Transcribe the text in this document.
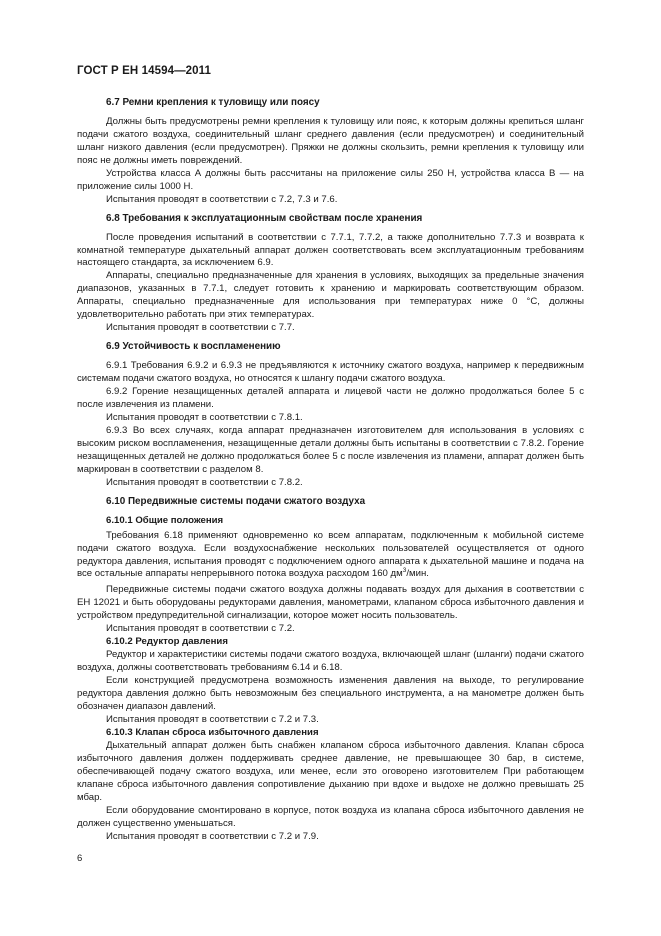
ГОСТ Р ЕН 14594—2011

6.7 Ремни крепления к туловищу или поясу

Должны быть предусмотрены ремни крепления к туловищу или пояс, к которым должны крепиться шланг подачи сжатого воздуха, соединительный шланг среднего давления (если предусмотрен) и соединительный шланг низкого давления (если предусмотрен). Пряжки не должны скользить, ремни крепления к туловищу или пояс не должны иметь повреждений.

Устройства класса А должны быть рассчитаны на приложение силы 250 Н, устройства класса В — на приложение силы 1000 Н.

Испытания проводят в соответствии с 7.2, 7.3 и 7.6.

6.8 Требования к эксплуатационным свойствам после хранения

После проведения испытаний в соответствии с 7.7.1, 7.7.2, а также дополнительно 7.7.3 и возврата к комнатной температуре дыхательный аппарат должен соответствовать всем эксплуатационным требованиям настоящего стандарта, за исключением 6.9.

Аппараты, специально предназначенные для хранения в условиях, выходящих за предельные значения диапазонов, указанных в 7.7.1, следует готовить к хранению и маркировать соответствующим образом. Аппараты, специально предназначенные для использования при температурах ниже 0 °С, должны удовлетворительно работать при этих температурах.

Испытания проводят в соответствии с 7.7.

6.9 Устойчивость к воспламенению

6.9.1 Требования 6.9.2 и 6.9.3 не предъявляются к источнику сжатого воздуха, например к передвижным системам подачи сжатого воздуха, но относятся к шлангу подачи сжатого воздуха.

6.9.2 Горение незащищенных деталей аппарата и лицевой части не должно продолжаться более 5 с после извлечения из пламени.

Испытания проводят в соответствии с 7.8.1.

6.9.3 Во всех случаях, когда аппарат предназначен изготовителем для использования в условиях с высоким риском воспламенения, незащищенные детали должны быть испытаны в соответствии с 7.8.2. Горение незащищенных деталей не должно продолжаться более 5 с после извлечения из пламени, аппарат должен быть маркирован в соответствии с разделом 8.

Испытания проводят в соответствии с 7.8.2.

6.10 Передвижные системы подачи сжатого воздуха

6.10.1 Общие положения

Требования 6.18 применяют одновременно ко всем аппаратам, подключенным к мобильной системе подачи сжатого воздуха. Если воздухоснабжение нескольких пользователей осуществляется от одного редуктора давления, испытания проводят с подключением одного аппарата к дыхательной машине и подача на все остальные аппараты непрерывного потока воздуха расходом 160 $дм^3$/мин.

Передвижные системы подачи сжатого воздуха должны подавать воздух для дыхания в соответствии с ЕН 12021 и быть оборудованы редукторами давления, манометрами, клапаном сброса избыточного давления и устройством предупредительной сигнализации, которое может носить пользователь.

Испытания проводят в соответствии с 7.2.

6.10.2 Редуктор давления

Редуктор и характеристики системы подачи сжатого воздуха, включающей шланг (шланги) подачи сжатого воздуха, должны соответствовать требованиям 6.14 и 6.18.

Если конструкцией предусмотрена возможность изменения давления на выходе, то регулирование редуктора давления должно быть невозможным без специального инструмента, а на манометре должен быть обозначен диапазон давлений.

Испытания проводят в соответствии с 7.2 и 7.3.

6.10.3 Клапан сброса избыточного давления

Дыхательный аппарат должен быть снабжен клапаном сброса избыточного давления. Клапан сброса избыточного давления должен поддерживать среднее давление, не превышающее 30 бар, в системе, обеспечивающей подачу сжатого воздуха, или менее, если это оговорено изготовителем При работающем клапане сброса избыточного давления сопротивление дыханию при вдохе и выдохе не должно превышать 25 мбар.

Если оборудование смонтировано в корпусе, поток воздуха из клапана сброса избыточного давления не должен существенно уменьшаться.

Испытания проводят в соответствии с 7.2 и 7.9.

6
